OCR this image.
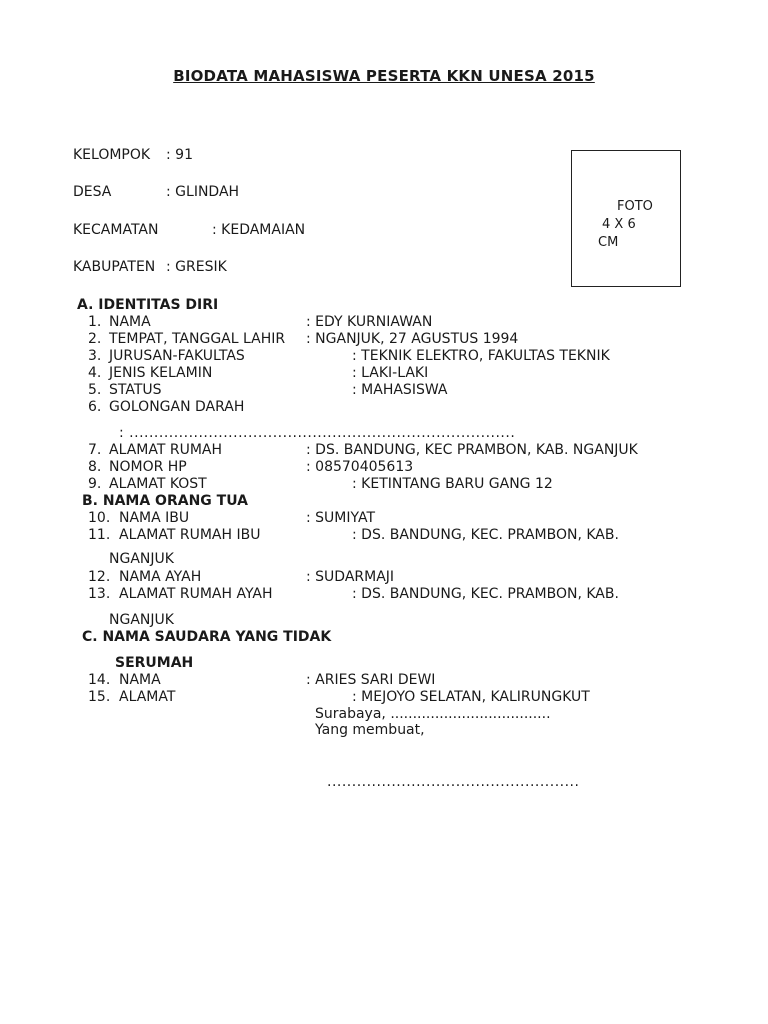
BIODATA MAHASISWA PESERTA KKN UNESA 2015
KELOMPOK : 91
DESA	: GLINDAH
KECAMATAN	: KEDAMAIAN
KABUPATEN : GRESIK
FOTO
4 X 6
CM
A. IDENTITAS DIRI
1. NAMA	: EDY KURNIAWAN
2. TEMPAT, TANGGAL LAHIR : NGANJUK, 27 AGUSTUS 1994
3. JURUSAN-FAKULTAS	: TEKNIK ELEKTRO, FAKULTAS TEKNIK
4. JENIS KELAMIN	: LAKI-LAKI
5. STATUS	: MAHASISWA
6. GOLONGAN DARAH
: ..............................................................................
7. ALAMAT RUMAH	: DS. BANDUNG, KEC PRAMBON, KAB. NGANJUK
8. NOMOR HP	: 08570405613
9. ALAMAT KOST	: KETINTANG BARU GANG 12
B. NAMA ORANG TUA
10. NAMA IBU	: SUMIYAT
11. ALAMAT RUMAH IBU	: DS. BANDUNG, KEC. PRAMBON, KAB.
NGANJUK
12. NAMA AYAH	: SUDARMAJI
13. ALAMAT RUMAH AYAH	: DS. BANDUNG, KEC. PRAMBON, KAB.
NGANJUK
C. NAMA SAUDARA YANG TIDAK
SERUMAH
14. NAMA	: ARIES SARI DEWI
15. ALAMAT	: MEJOYO SELATAN, KALIRUNGKUT
Surabaya, ....................................
Yang membuat,
...................................................
